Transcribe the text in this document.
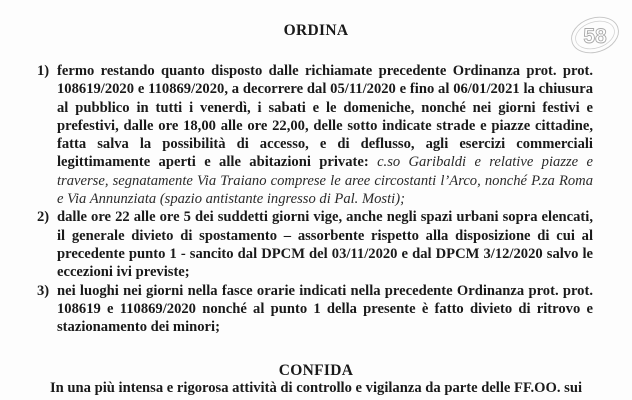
ORDINA	58
1) fermo restando quanto disposto dalle richiamate precedente Ordinanza prot. prot. 108619/2020 e 110869/2020, a decorrere dal 05/11/2020 e fino al 06/01/2021 la chiusura al pubblico in tutti i venerdì, i sabati e le domeniche, nonché nei giorni festivi e prefestivi, dalle ore 18,00 alle ore 22,00, delle sotto indicate strade e piazze cittadine, fatta salva la possibilità di accesso, e di deflusso, agli esercizi commerciali legittimamente aperti e alle abitazioni private: c.so Garibaldi e relative piazze e traverse, segnatamente Via Traiano comprese le aree circostanti l’Arco, nonché P.za Roma e Via Annunziata (spazio antistante ingresso di Pal. Mosti);
2) dalle ore 22 alle ore 5 dei suddetti giorni vige, anche negli spazi urbani sopra elencati, il generale divieto di spostamento – assorbente rispetto alla disposizione di cui al precedente punto 1 - sancito dal DPCM del 03/11/2020 e dal DPCM 3/12/2020 salvo le eccezioni ivi previste;
3) nei luoghi nei giorni nella fasce orarie indicati nella precedente Ordinanza prot. prot. 108619 e 110869/2020 nonché al punto 1 della presente è fatto divieto di ritrovo e stazionamento dei minori;
CONFIDA
In una più intensa e rigorosa attività di controllo e vigilanza da parte delle FF.OO. sui
